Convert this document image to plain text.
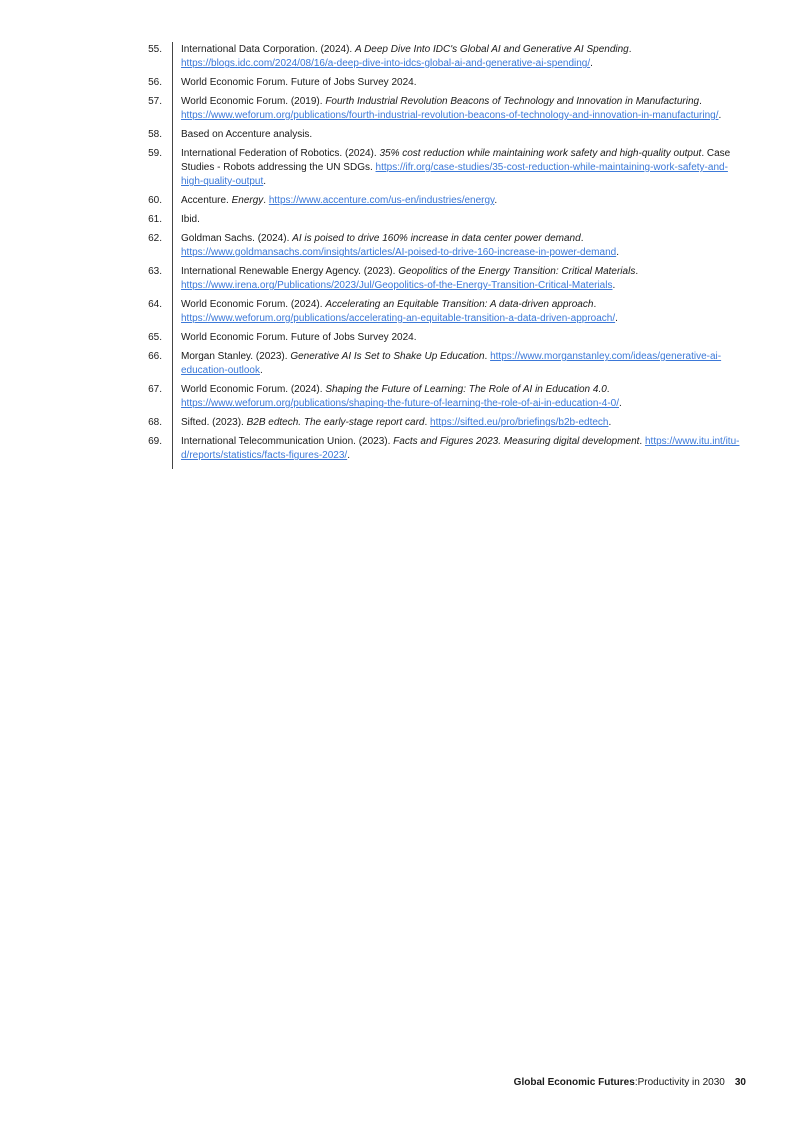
55.	International Data Corporation. (2024). A Deep Dive Into IDC's Global AI and Generative AI Spending. https://blogs.idc.com/2024/08/16/a-deep-dive-into-idcs-global-ai-and-generative-ai-spending/.
56.	World Economic Forum. Future of Jobs Survey 2024.
57.	World Economic Forum. (2019). Fourth Industrial Revolution Beacons of Technology and Innovation in Manufacturing. https://www.weforum.org/publications/fourth-industrial-revolution-beacons-of-technology-and-innovation-in-manufacturing/.
58.	Based on Accenture analysis.
59.	International Federation of Robotics. (2024). 35% cost reduction while maintaining work safety and high-quality output. Case Studies - Robots addressing the UN SDGs. https://ifr.org/case-studies/35-cost-reduction-while-maintaining-work-safety-and-high-quality-output.
60.	Accenture. Energy. https://www.accenture.com/us-en/industries/energy.
61.	Ibid.
62.	Goldman Sachs. (2024). AI is poised to drive 160% increase in data center power demand. https://www.goldmansachs.com/insights/articles/AI-poised-to-drive-160-increase-in-power-demand.
63.	International Renewable Energy Agency. (2023). Geopolitics of the Energy Transition: Critical Materials. https://www.irena.org/Publications/2023/Jul/Geopolitics-of-the-Energy-Transition-Critical-Materials.
64.	World Economic Forum. (2024). Accelerating an Equitable Transition: A data-driven approach. https://www.weforum.org/publications/accelerating-an-equitable-transition-a-data-driven-approach/.
65.	World Economic Forum. Future of Jobs Survey 2024.
66.	Morgan Stanley. (2023). Generative AI Is Set to Shake Up Education. https://www.morganstanley.com/ideas/generative-ai-education-outlook.
67.	World Economic Forum. (2024). Shaping the Future of Learning: The Role of AI in Education 4.0. https://www.weforum.org/publications/shaping-the-future-of-learning-the-role-of-ai-in-education-4-0/.
68.	Sifted. (2023). B2B edtech. The early-stage report card. https://sifted.eu/pro/briefings/b2b-edtech.
69.	International Telecommunication Union. (2023). Facts and Figures 2023. Measuring digital development. https://www.itu.int/itu-d/reports/statistics/facts-figures-2023/.
Global Economic Futures : Productivity in 2030 30
